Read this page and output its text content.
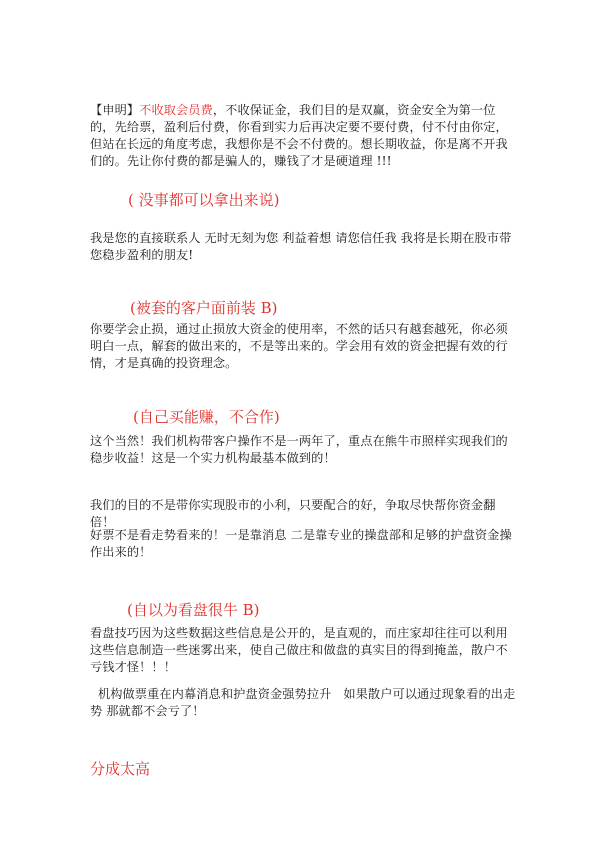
【申明】不收取会员费，不收保证金，我们目的是双赢，资金安全为第一位的，先给票，盈利后付费，你看到实力后再决定要不要付费，付不付由你定，但站在长远的角度考虑，我想你是不会不付费的。想长期收益，你是离不开我们的。先让你付费的都是骗人的，赚钱了才是硬道理 !!!

( 没事都可以拿出来说)

我是您的直接联系人 无时无刻为您 利益着想 请您信任我 我将是长期在股市带您稳步盈利的朋友!

(被套的客户面前装 B)

你要学会止损，通过止损放大资金的使用率，不然的话只有越套越死，你必须明白一点，解套的做出来的，不是等出来的。学会用有效的资金把握有效的行情，才是真确的投资理念。

(自己买能赚，不合作)

这个当然！我们机构带客户操作不是一两年了，重点在熊牛市照样实现我们的稳步收益！这是一个实力机构最基本做到的！

我们的目的不是带你实现股市的小利，只要配合的好，争取尽快帮你资金翻倍！

好票不是看走势看来的！一是靠消息 二是靠专业的操盘部和足够的护盘资金操作出来的！

(自以为看盘很牛 B)

看盘技巧因为这些数据这些信息是公开的，是直观的，而庄家却往往可以利用这些信息制造一些迷雾出来，使自己做庄和做盘的真实目的得到掩盖，散户不亏钱才怪！！！

机构做票重在内幕消息和护盘资金强势拉升   如果散户可以通过现象看的出走势 那就都不会亏了！

分成太高
